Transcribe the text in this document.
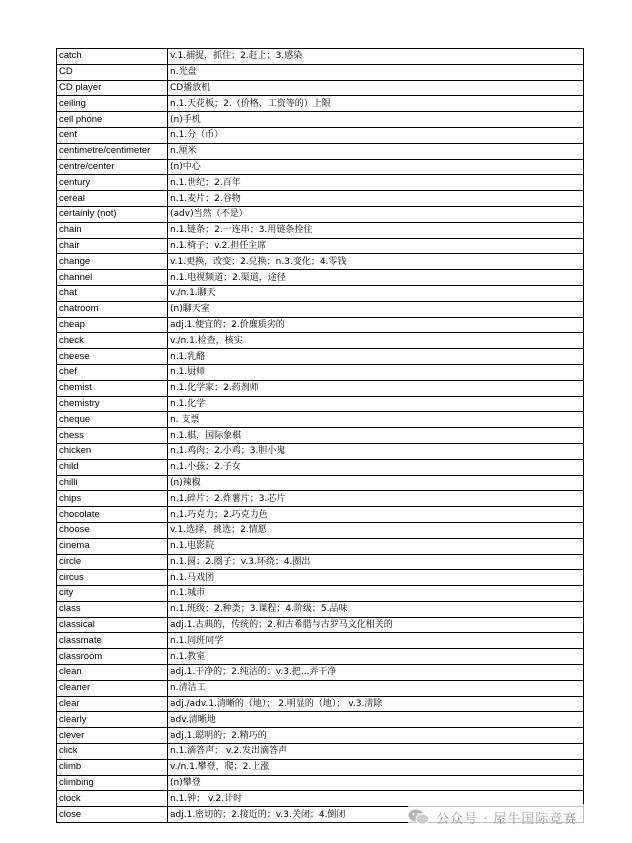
catch	v.1.捕捉，抓住；2.赶上；3.感染
CD	n.光盘
CD player	CD播放机
ceiling	n.1.天花板；2.（价格、工资等的）上限
cell phone	(n)手机
cent	n.1.分（币）
centimetre/centimeter	n.厘米
centre/center	(n)中心
century	n.1.世纪；2.百年
cereal	n.1.麦片；2.谷物
certainly (not)	(adv)当然（不是）
chain	n.1.链条；2.一连串；3.用链条拴住
chair	n.1.椅子；v.2.担任主席
change	v.1.更换，改变；2.兑换；n.3.变化；4.零钱
channel	n.1.电视频道；2.渠道，途径
chat	v./n.1.聊天
chatroom	(n)聊天室
cheap	adj.1.便宜的；2.价廉质劣的
check	v./n.1.检查，核实
cheese	n.1.乳酪
chef	n.1.厨师
chemist	n.1.化学家；2.药剂师
chemistry	n.1.化学
cheque	n. 支票
chess	n.1.棋，国际象棋
chicken	n.1.鸡肉；2.小鸡；3.胆小鬼
child	n.1.小孩；2.子女
chilli	(n)辣椒
chips	n.1.碎片；2.炸薯片；3.芯片
chocolate	n.1.巧克力；2.巧克力色
choose	v.1.选择，挑选；2.情愿
cinema	n.1.电影院
circle	n.1.圆；2.圈子；v.3.环绕；4.圈出
circus	n.1.马戏团
city	n.1.城市
class	n.1.班级；2.种类；3.课程；4.阶级；5.品味
classical	adj.1.古典的，传统的；2.和古希腊与古罗马文化相关的
classmate	n.1.同班同学
classroom	n.1.教室
clean	adj.1.干净的；2.纯洁的；v.3.把...弄干净
cleaner	n.清洁工
clear	adj./adv.1.清晰的（地）； 2.明显的（地）； v.3.清除
clearly	adv.清晰地
clever	adj.1.聪明的；2.精巧的
click	n.1.滴答声； v.2.发出滴答声
climb	v./n.1.攀登，爬；2.上涨
climbing	(n)攀登
clock	n.1.钟； v.2.计时
close	adj.1.密切的；2.接近的；v.3.关闭；4.倒闭	公众号 · 屋牛国际竞赛
